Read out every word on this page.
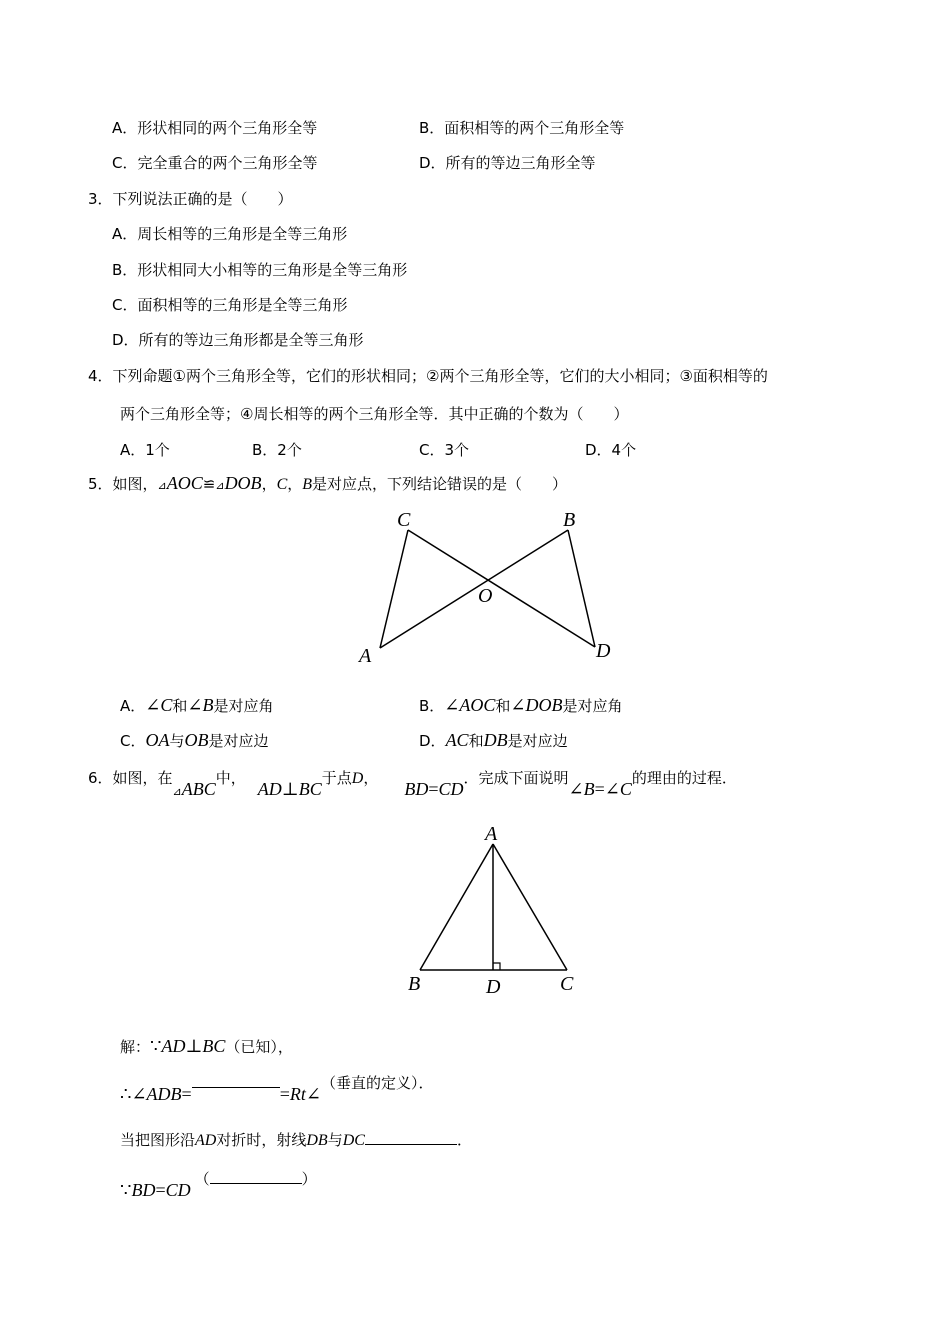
A．形状相同的两个三角形全等	B．面积相等的两个三角形全等
C．完全重合的两个三角形全等	D．所有的等边三角形全等
3．下列说法正确的是（　　）
A．周长相等的三角形是全等三角形
B．形状相同大小相等的三角形是全等三角形
C．面积相等的三角形是全等三角形
D．所有的等边三角形都是全等三角形
4．下列命题①两个三角形全等，它们的形状相同；②两个三角形全等，它们的大小相同；③面积相等的
两个三角形全等；④周长相等的两个三角形全等．其中正确的个数为（　　）
A．1个	B．2个	C．3个	D．4个
5．如图，⊿AOC≌⊿DOB，C，B是对应点，下列结论错误的是（　　）
C	B
O
A	D
A．∠C和∠B是对应角	B．∠AOC和∠DOB是对应角
C．OA与OB是对应边	D．AC和DB是对应边
6．如图，在$_⊿$ABC中，AD⊥BC于点D，BD=CD．完成下面说明∠B=∠C的理由的过程．
A
B	D	C
解：∵AD⊥BC（已知），
∴∠ADB=	=Rt∠（垂直的定义）．
当把图形沿AD对折时，射线DB与DC	．
∵BD=CD（	）
